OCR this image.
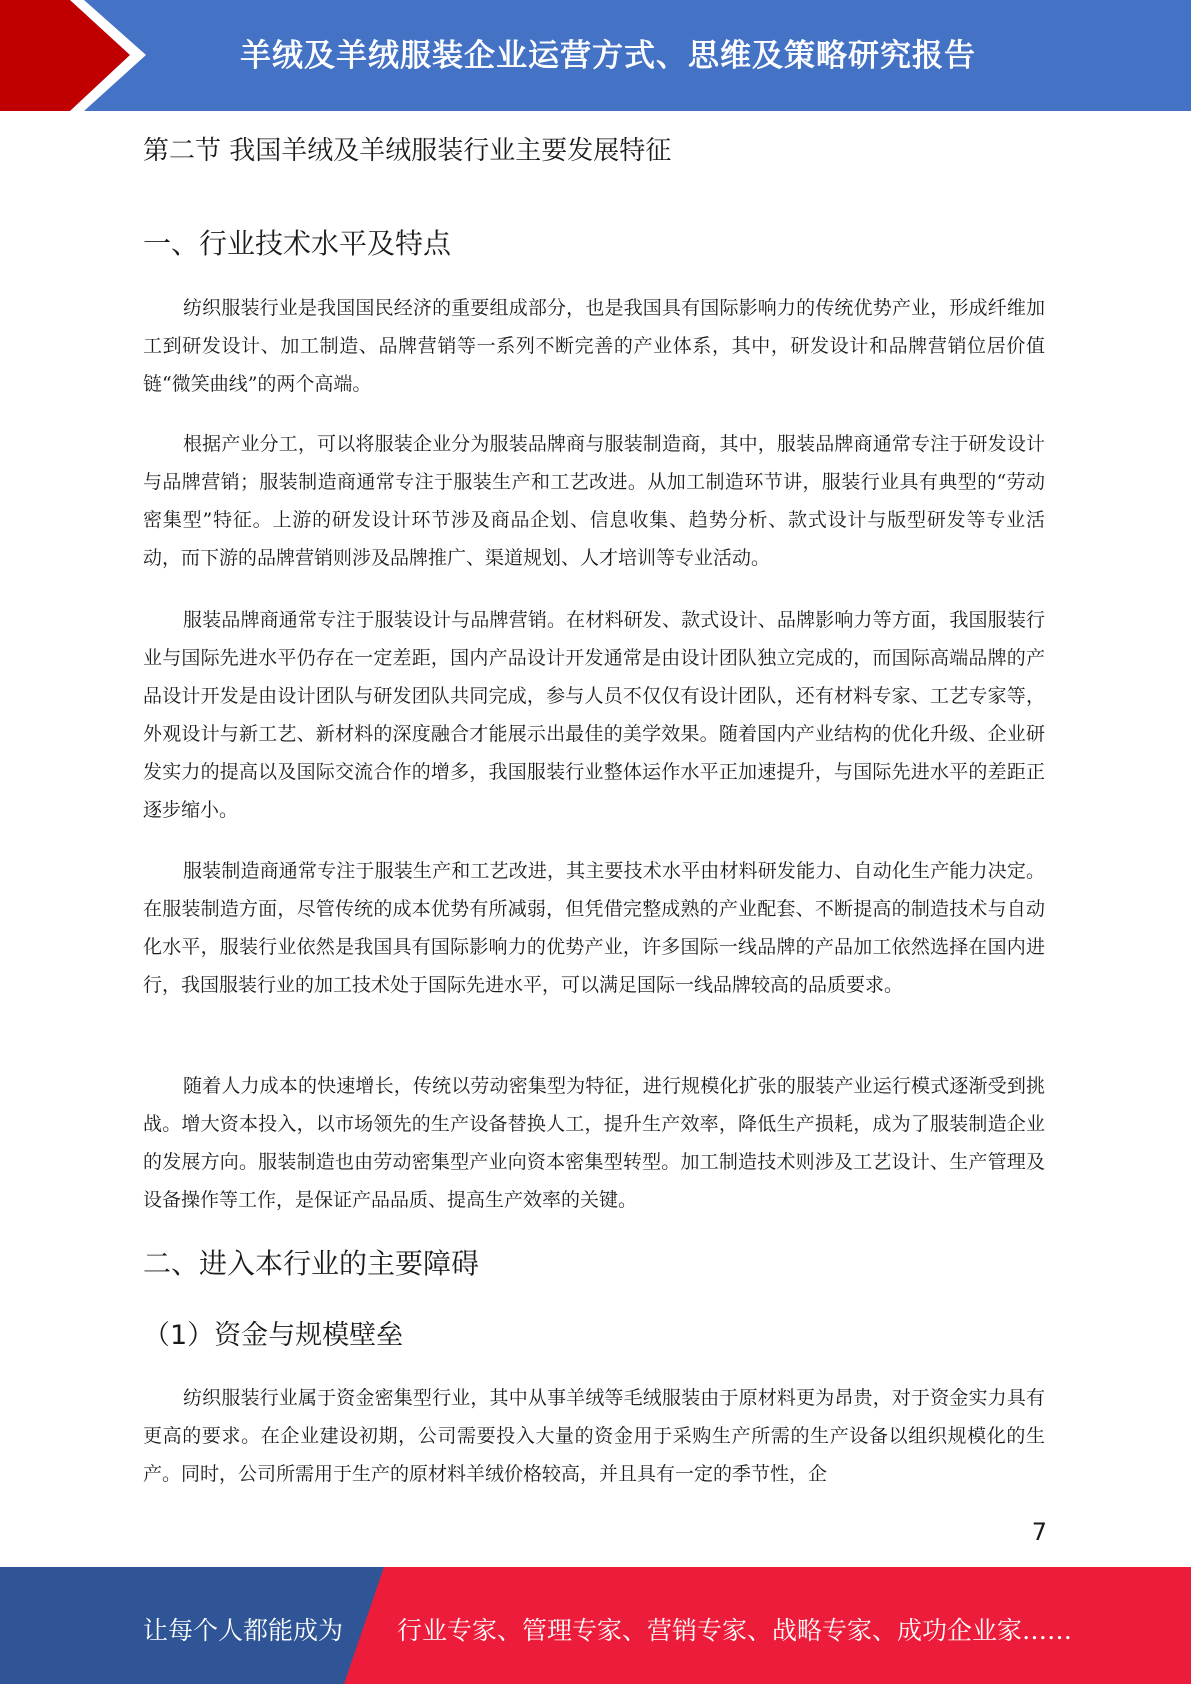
羊绒及羊绒服装企业运营方式、思维及策略研究报告
第二节 我国羊绒及羊绒服装行业主要发展特征
一、行业技术水平及特点

纺织服装行业是我国国民经济的重要组成部分，也是我国具有国际影响力的传统优势产业，形成纤维加工到研发设计、加工制造、品牌营销等一系列不断完善的产业体系，其中，研发设计和品牌营销位居价值链“微笑曲线”的两个高端。

根据产业分工，可以将服装企业分为服装品牌商与服装制造商，其中，服装品牌商通常专注于研发设计与品牌营销；服装制造商通常专注于服装生产和工艺改进。从加工制造环节讲，服装行业具有典型的“劳动密集型”特征。上游的研发设计环节涉及商品企划、信息收集、趋势分析、款式设计与版型研发等专业活动，而下游的品牌营销则涉及品牌推广、渠道规划、人才培训等专业活动。

服装品牌商通常专注于服装设计与品牌营销。在材料研发、款式设计、品牌影响力等方面，我国服装行业与国际先进水平仍存在一定差距，国内产品设计开发通常是由设计团队独立完成的，而国际高端品牌的产品设计开发是由设计团队与研发团队共同完成，参与人员不仅仅有设计团队，还有材料专家、工艺专家等，外观设计与新工艺、新材料的深度融合才能展示出最佳的美学效果。随着国内产业结构的优化升级、企业研发实力的提高以及国际交流合作的增多，我国服装行业整体运作水平正加速提升，与国际先进水平的差距正逐步缩小。

服装制造商通常专注于服装生产和工艺改进，其主要技术水平由材料研发能力、自动化生产能力决定。在服装制造方面，尽管传统的成本优势有所减弱，但凭借完整成熟的产业配套、不断提高的制造技术与自动化水平，服装行业依然是我国具有国际影响力的优势产业，许多国际一线品牌的产品加工依然选择在国内进行，我国服装行业的加工技术处于国际先进水平，可以满足国际一线品牌较高的品质要求。

随着人力成本的快速增长，传统以劳动密集型为特征，进行规模化扩张的服装产业运行模式逐渐受到挑战。增大资本投入，以市场领先的生产设备替换人工，提升生产效率，降低生产损耗，成为了服装制造企业的发展方向。服装制造也由劳动密集型产业向资本密集型转型。加工制造技术则涉及工艺设计、生产管理及设备操作等工作，是保证产品品质、提高生产效率的关键。

二、进入本行业的主要障碍
（1）资金与规模壁垒

纺织服装行业属于资金密集型行业，其中从事羊绒等毛绒服装由于原材料更为昂贵，对于资金实力具有更高的要求。在企业建设初期，公司需要投入大量的资金用于采购生产所需的生产设备以组织规模化的生产。同时，公司所需用于生产的原材料羊绒价格较高，并且具有一定的季节性，企

7
让每个人都能成为 行业专家、管理专家、营销专家、战略专家、成功企业家……
